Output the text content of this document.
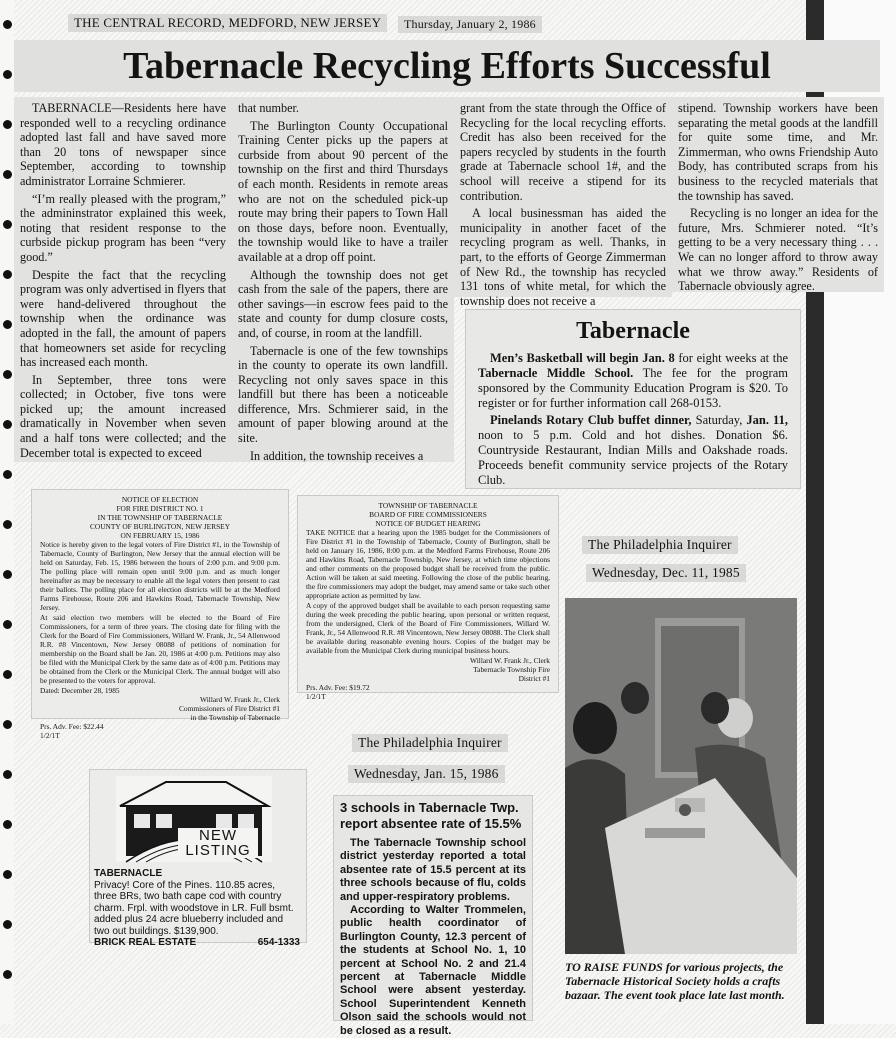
THE CENTRAL RECORD, MEDFORD, NEW JERSEY	Thursday, January 2, 1986
Tabernacle Recycling Efforts Successful

TABERNACLE—Residents here have responded well to a recycling ordinance adopted last fall and have saved more than 20 tons of newspaper since September, according to township administrator Lorraine Schmierer.

“I’m really pleased with the program,” the admininstrator explained this week, noting that resident response to the curbside pickup program has been “very good.”

Despite the fact that the recycling program was only advertised in flyers that were hand-delivered throughout the township when the ordinance was adopted in the fall, the amount of papers that homeowners set aside for recycling has increased each month.

In September, three tons were collected; in October, five tons were picked up; the amount increased dramatically in November when seven and a half tons were collected; and the December total is expected to exceed

that number.

The Burlington County Occupational Training Center picks up the papers at curbside from about 90 percent of the township on the first and third Thursdays of each month. Residents in remote areas who are not on the scheduled pick-up route may bring their papers to Town Hall on those days, before noon. Eventually, the township would like to have a trailer available at a drop off point.

Although the township does not get cash from the sale of the papers, there are other savings—in escrow fees paid to the state and county for dump closure costs, and, of course, in room at the landfill.

Tabernacle is one of the few townships in the county to operate its own landfill. Recycling not only saves space in this landfill but there has been a noticeable difference, Mrs. Schmierer said, in the amount of paper blowing around at the site.

In addition, the township receives a

grant from the state through the Office of Recycling for the local recycling efforts. Credit has also been received for the papers recycled by students in the fourth grade at Tabernacle school 1#, and the school will receive a stipend for its contribution.

A local businessman has aided the municipality in another facet of the recycling program as well. Thanks, in part, to the efforts of George Zimmerman of New Rd., the township has recycled 131 tons of white metal, for which the township does not receive a

stipend. Township workers have been separating the metal goods at the landfill for quite some time, and Mr. Zimmerman, who owns Friendship Auto Body, has contributed scraps from his business to the recycled materials that the township has saved.

Recycling is no longer an idea for the future, Mrs. Schmierer noted. “It’s getting to be a very necessary thing . . . We can no longer afford to throw away what we throw away.” Residents of Tabernacle obviously agree.

Tabernacle

Men’s Basketball will begin Jan. 8 for eight weeks at the Tabernacle Middle School. The fee for the program sponsored by the Community Education Program is $20. To register or for further information call 268-0153.

Pinelands Rotary Club buffet dinner, Saturday, Jan. 11, noon to 5 p.m. Cold and hot dishes. Donation $6. Countryside Restaurant, Indian Mills and Oakshade roads. Proceeds benefit community service projects of the Rotary Club.

NOTICE OF ELECTION
FOR FIRE DISTRICT NO. 1
IN THE TOWNSHIP OF TABERNACLE
COUNTY OF BURLINGTON, NEW JERSEY
ON FEBRUARY 15, 1986

Notice is hereby given to the legal voters of Fire District #1, in the Township of Tabernacle, County of Burlington, New Jersey that the annual election will be held on Saturday, Feb. 15, 1986 between the hours of 2:00 p.m. and 9:00 p.m. The polling place will remain open until 9:00 p.m. and as much longer hereinafter as may be necessary to enable all the legal voters then present to cast their ballots. The polling place for all election districts will be at the Medford Farms Firehouse, Route 206 and Hawkins Road, Tabernacle Township, New Jersey.

At said election two members will be elected to the Board of Fire Commissioners, for a term of three years. The closing date for filing with the Clerk for the Board of Fire Commissioners, Willard W. Frank, Jr., 54 Allenwood R.R. #8 Vincentown, New Jersey 08088 of petitions of nomination for membership on the Board shall be Jan. 20, 1986 at 4:00 p.m. Petitions may also be filed with the Municipal Clerk by the same date as of 4:00 p.m. Petitions may be obtained from the Clerk or the Municipal Clerk. The annual budget will also be presented to the voters for approval.

Dated: December 28, 1985
Willard W. Frank Jr., Clerk
Commissioners of Fire District #1
in the Township of Tabernacle
Prs. Adv. Fee: $22.44
1/2/1T
TOWNSHIP OF TABERNACLE
BOARD OF FIRE COMMISSIONERS
NOTICE OF BUDGET HEARING

TAKE NOTICE that a hearing upon the 1985 budget for the Commissioners of Fire District #1 in the Township of Tabernacle, County of Burlington, shall be held on January 16, 1986, 8:00 p.m. at the Medford Farms Firehouse, Route 206 and Hawkins Road, Tabernacle Township, New Jersey, at which time objections and other comments on the proposed budget shall be received from the public. Action will be taken at said meeting. Following the close of the public hearing, the fire commissioners may adopt the budget, may amend same or take such other appropriate action as permitted by law.

A copy of the approved budget shall be available to each person requesting same during the week preceding the public hearing, upon personal or written request, from the undersigned, Clerk of the Board of Fire Commissioners, Willard W. Frank, Jr., 54 Allenwood R.R. #8 Vincentown, New Jersey 08088. The Clerk shall be available during reasonable evening hours. Copies of the budget may be available from the Municipal Clerk during municipal business hours.

Willard W. Frank Jr., Clerk
Tabernacle Township Fire
District #1
Prs. Adv. Fee: $19.72
1/2/1T
The Philadelphia Inquirer
Wednesday, Dec. 11, 1985
The Philadelphia Inquirer
Wednesday, Jan. 15, 1986
NEW
LISTING
TABERNACLE
Privacy! Core of the Pines. 110.85 acres, three BRs, two bath cape cod with country charm. Frpl. with woodstove in LR. Full bsmt. added plus 24 acre blueberry included and two out buildings. $139,900.
BRICK REAL ESTATE	654-1333
3 schools in Tabernacle Twp. report absentee rate of 15.5%

The Tabernacle Township school district yesterday reported a total absentee rate of 15.5 percent at its three schools because of flu, colds and upper-respiratory problems.

According to Walter Trommelen, public health coordinator of Burlington County, 12.3 percent of the students at School No. 1, 10 percent at School No. 2 and 21.4 percent at Tabernacle Middle School were absent yesterday. School Superintendent Kenneth Olson said the schools would not be closed as a result.

TO RAISE FUNDS for various projects, the Tabernacle Historical Society holds a crafts bazaar. The event took place late last month.
